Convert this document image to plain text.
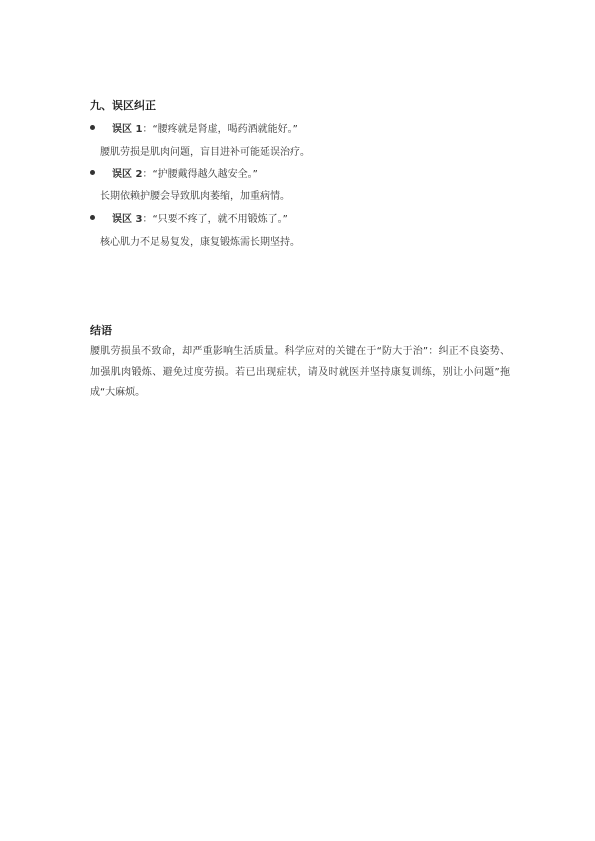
九、误区纠正
误区 1：“腰疼就是肾虚，喝药酒就能好。”
腰肌劳损是肌肉问题，盲目进补可能延误治疗。
误区 2：“护腰戴得越久越安全。”
长期依赖护腰会导致肌肉萎缩，加重病情。
误区 3：“只要不疼了，就不用锻炼了。”
核心肌力不足易复发，康复锻炼需长期坚持。
结语
腰肌劳损虽不致命，却严重影响生活质量。科学应对的关键在于“防大于治”：纠正不良姿势、加强肌肉锻炼、避免过度劳损。若已出现症状，请及时就医并坚持康复训练，别让小问题”拖成“大麻烦。
